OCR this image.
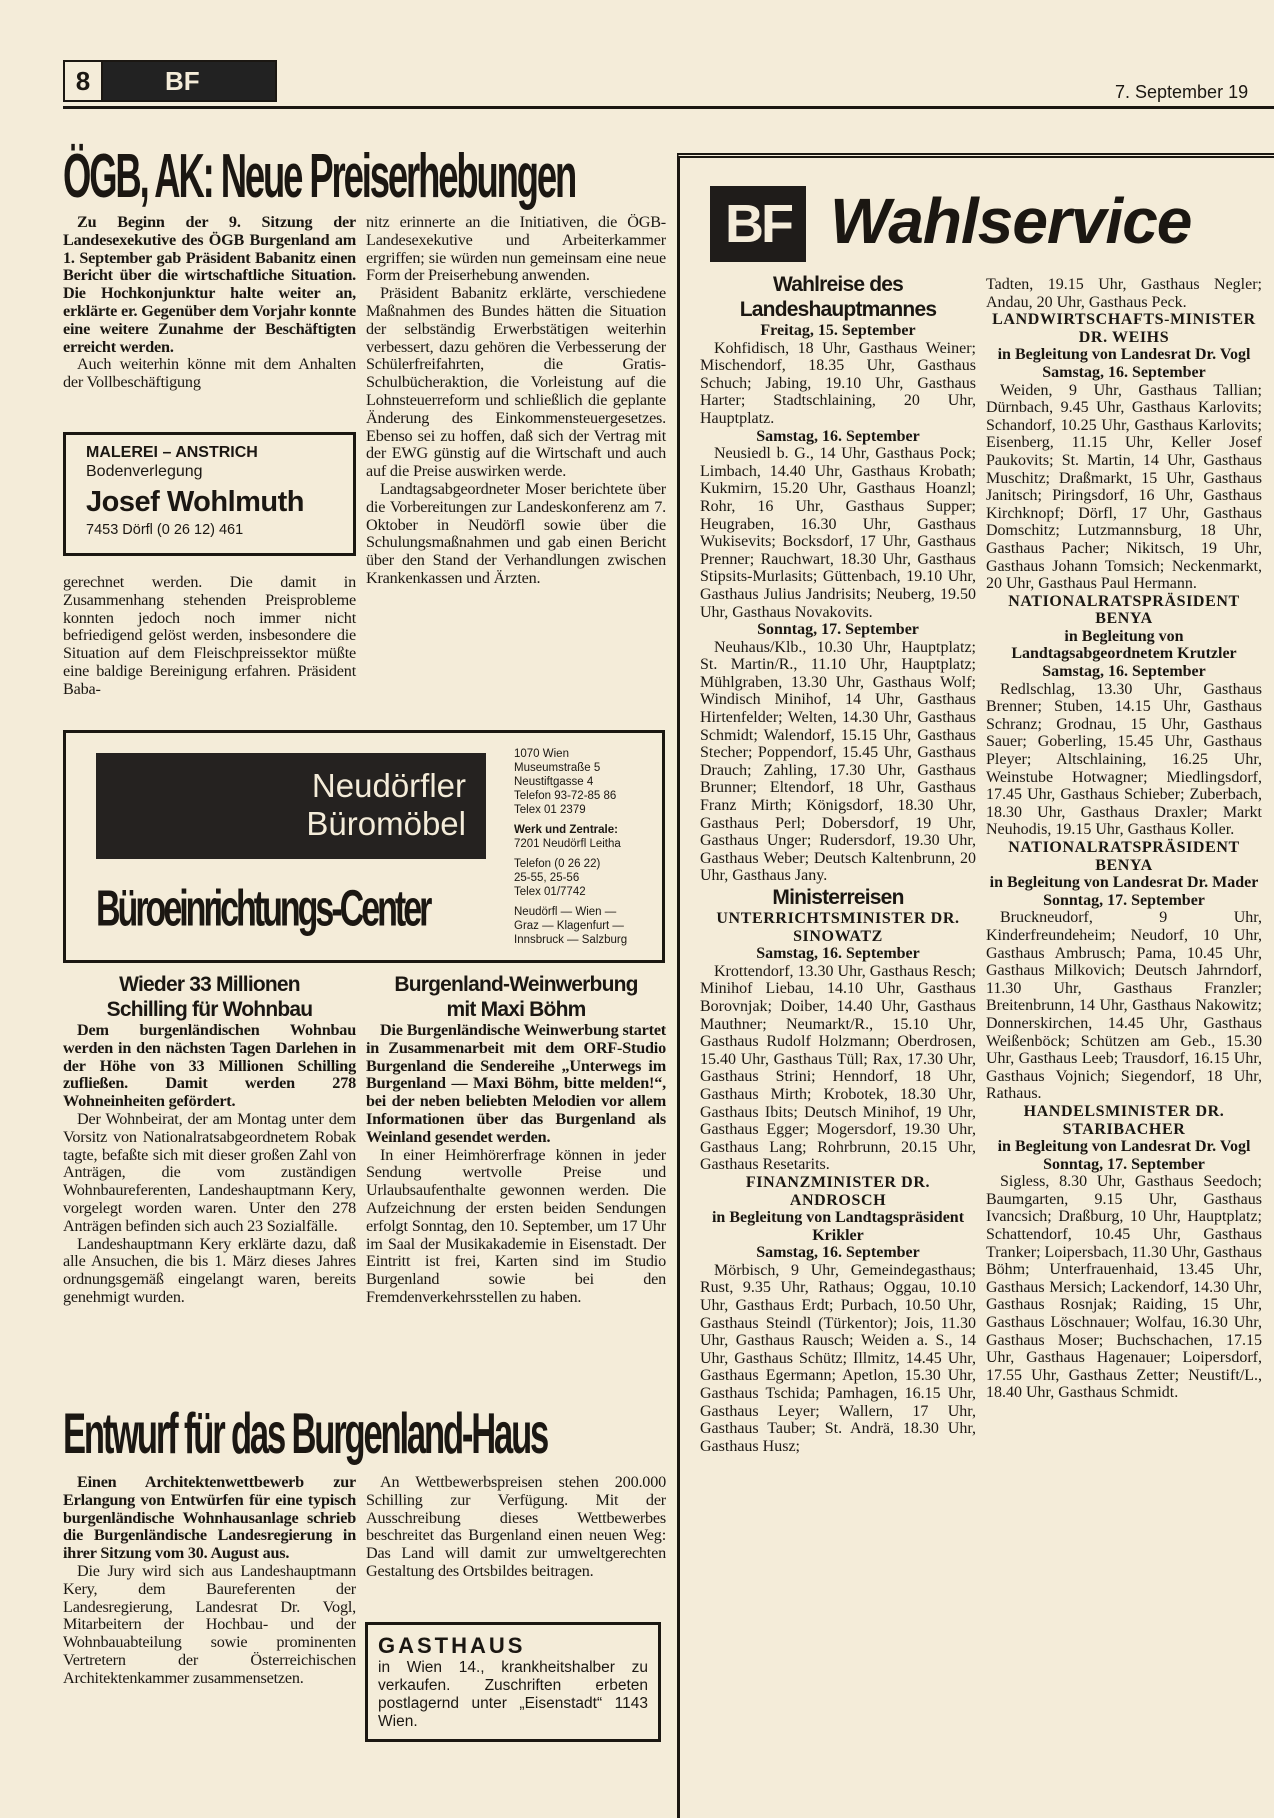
8	BF	7. September 19
ÖGB, AK: Neue Preiserhebungen

Zu Beginn der 9. Sitzung der Landesexekutive des ÖGB Burgenland am 1. September gab Präsident Babanitz einen Bericht über die wirtschaftliche Situation. Die Hochkonjunktur halte weiter an, erklärte er. Gegenüber dem Vorjahr konnte eine weitere Zunahme der Beschäftigten erreicht werden.

Auch weiterhin könne mit dem Anhalten der Vollbeschäftigung

MALEREI – ANSTRICH
Bodenverlegung
Josef Wohlmuth
7453 Dörfl (0 26 12) 461

gerechnet werden. Die damit in Zusammenhang stehenden Preisprobleme konnten jedoch noch immer nicht befriedigend gelöst werden, insbesondere die Situation auf dem Fleischpreissektor müßte eine baldige Bereinigung erfahren. Präsident Baba-

nitz erinnerte an die Initiativen, die ÖGB-Landesexekutive und Arbeiterkammer ergriffen; sie würden nun gemeinsam eine neue Form der Preiserhebung anwenden.

Präsident Babanitz erklärte, verschiedene Maßnahmen des Bundes hätten die Situation der selbständig Erwerbstätigen weiterhin verbessert, dazu gehören die Verbesserung der Schülerfreifahrten, die Gratis-Schulbücheraktion, die Vorleistung auf die Lohnsteuerreform und schließlich die geplante Änderung des Einkommensteuergesetzes. Ebenso sei zu hoffen, daß sich der Vertrag mit der EWG günstig auf die Wirtschaft und auch auf die Preise auswirken werde.

Landtagsabgeordneter Moser berichtete über die Vorbereitungen zur Landeskonferenz am 7. Oktober in Neudörfl sowie über die Schulungsmaßnahmen und gab einen Bericht über den Stand der Verhandlungen zwischen Krankenkassen und Ärzten.

Neudörfler
Büromöbel
Büroeinrichtungs-Center
1070 Wien
Museumstraße 5
Neustiftgasse 4
Telefon 93-72-85 86
Telex 01 2379
Werk und Zentrale:
7201 Neudörfl Leitha
Telefon (0 26 22)
25-55, 25-56
Telex 01/7742
Neudörfl — Wien —
Graz — Klagenfurt —
Innsbruck — Salzburg
Wieder 33 Millionen
Schilling für Wohnbau

Dem burgenländischen Wohnbau werden in den nächsten Tagen Darlehen in der Höhe von 33 Millionen Schilling zufließen. Damit werden 278 Wohneinheiten gefördert.

Der Wohnbeirat, der am Montag unter dem Vorsitz von Nationalratsabgeordnetem Robak tagte, befaßte sich mit dieser großen Zahl von Anträgen, die vom zuständigen Wohnbaureferenten, Landeshauptmann Kery, vorgelegt worden waren. Unter den 278 Anträgen befinden sich auch 23 Sozialfälle.

Landeshauptmann Kery erklärte dazu, daß alle Ansuchen, die bis 1. März dieses Jahres ordnungsgemäß eingelangt waren, bereits genehmigt wurden.

Burgenland-Weinwerbung
mit Maxi Böhm

Die Burgenländische Weinwerbung startet in Zusammenarbeit mit dem ORF-Studio Burgenland die Sendereihe „Unterwegs im Burgenland — Maxi Böhm, bitte melden!“, bei der neben beliebten Melodien vor allem Informationen über das Burgenland als Weinland gesendet werden.

In einer Heimhörerfrage können in jeder Sendung wertvolle Preise und Urlaubsaufenthalte gewonnen werden. Die Aufzeichnung der ersten beiden Sendungen erfolgt Sonntag, den 10. September, um 17 Uhr im Saal der Musikakademie in Eisenstadt. Der Eintritt ist frei, Karten sind im Studio Burgenland sowie bei den Fremdenverkehrsstellen zu haben.

Entwurf für das Burgenland-Haus

Einen Architektenwettbewerb zur Erlangung von Entwürfen für eine typisch burgenländische Wohnhausanlage schrieb die Burgenländische Landesregierung in ihrer Sitzung vom 30. August aus.

Die Jury wird sich aus Landeshauptmann Kery, dem Baureferenten der Landesregierung, Landesrat Dr. Vogl, Mitarbeitern der Hochbau- und der Wohnbauabteilung sowie prominenten Vertretern der Österreichischen Architektenkammer zusammensetzen.

An Wettbewerbspreisen stehen 200.000 Schilling zur Verfügung. Mit der Ausschreibung dieses Wettbewerbes beschreitet das Burgenland einen neuen Weg: Das Land will damit zur umweltgerechten Gestaltung des Ortsbildes beitragen.

GASTHAUS
in Wien 14., krankheitshalber zu verkaufen. Zuschriften erbeten postlagernd unter „Eisenstadt“ 1143 Wien.
BF Wahlservice
Wahlreise des Landeshauptmannes
Freitag, 15. September
Kohfidisch, 18 Uhr, Gasthaus Weiner; Mischendorf, 18.35 Uhr, Gasthaus Schuch; Jabing, 19.10 Uhr, Gasthaus Harter; Stadtschlaining, 20 Uhr, Hauptplatz.
Samstag, 16. September
Neusiedl b. G., 14 Uhr, Gasthaus Pock; Limbach, 14.40 Uhr, Gasthaus Krobath; Kukmirn, 15.20 Uhr, Gasthaus Hoanzl; Rohr, 16 Uhr, Gasthaus Supper; Heugraben, 16.30 Uhr, Gasthaus Wukisevits; Bocksdorf, 17 Uhr, Gasthaus Prenner; Rauchwart, 18.30 Uhr, Gasthaus Stipsits-Murlasits; Güttenbach, 19.10 Uhr, Gasthaus Julius Jandrisits; Neuberg, 19.50 Uhr, Gasthaus Novakovits.
Sonntag, 17. September
Neuhaus/Klb., 10.30 Uhr, Hauptplatz; St. Martin/R., 11.10 Uhr, Hauptplatz; Mühlgraben, 13.30 Uhr, Gasthaus Wolf; Windisch Minihof, 14 Uhr, Gasthaus Hirtenfelder; Welten, 14.30 Uhr, Gasthaus Schmidt; Walendorf, 15.15 Uhr, Gasthaus Stecher; Poppendorf, 15.45 Uhr, Gasthaus Drauch; Zahling, 17.30 Uhr, Gasthaus Brunner; Eltendorf, 18 Uhr, Gasthaus Franz Mirth; Königsdorf, 18.30 Uhr, Gasthaus Perl; Dobersdorf, 19 Uhr, Gasthaus Unger; Rudersdorf, 19.30 Uhr, Gasthaus Weber; Deutsch Kaltenbrunn, 20 Uhr, Gasthaus Jany.
Ministerreisen
UNTERRICHTSMINISTER DR. SINOWATZ
Samstag, 16. September
Krottendorf, 13.30 Uhr, Gasthaus Resch; Minihof Liebau, 14.10 Uhr, Gasthaus Borovnjak; Doiber, 14.40 Uhr, Gasthaus Mauthner; Neumarkt/R., 15.10 Uhr, Gasthaus Rudolf Holzmann; Oberdrosen, 15.40 Uhr, Gasthaus Tüll; Rax, 17.30 Uhr, Gasthaus Strini; Henndorf, 18 Uhr, Gasthaus Mirth; Krobotek, 18.30 Uhr, Gasthaus Ibits; Deutsch Minihof, 19 Uhr, Gasthaus Egger; Mogersdorf, 19.30 Uhr, Gasthaus Lang; Rohrbrunn, 20.15 Uhr, Gasthaus Resetarits.
FINANZMINISTER DR. ANDROSCH
in Begleitung von Landtagspräsident Krikler
Samstag, 16. September
Mörbisch, 9 Uhr, Gemeindegasthaus; Rust, 9.35 Uhr, Rathaus; Oggau, 10.10 Uhr, Gasthaus Erdt; Purbach, 10.50 Uhr, Gasthaus Steindl (Türkentor); Jois, 11.30 Uhr, Gasthaus Rausch; Weiden a. S., 14 Uhr, Gasthaus Schütz; Illmitz, 14.45 Uhr, Gasthaus Egermann; Apetlon, 15.30 Uhr, Gasthaus Tschida; Pamhagen, 16.15 Uhr, Gasthaus Leyer; Wallern, 17 Uhr, Gasthaus Tauber; St. Andrä, 18.30 Uhr, Gasthaus Husz;
Tadten, 19.15 Uhr, Gasthaus Negler; Andau, 20 Uhr, Gasthaus Peck.
LANDWIRTSCHAFTS-MINISTER DR. WEIHS
in Begleitung von Landesrat Dr. Vogl
Samstag, 16. September
Weiden, 9 Uhr, Gasthaus Tallian; Dürnbach, 9.45 Uhr, Gasthaus Karlovits; Schandorf, 10.25 Uhr, Gasthaus Karlovits; Eisenberg, 11.15 Uhr, Keller Josef Paukovits; St. Martin, 14 Uhr, Gasthaus Muschitz; Draßmarkt, 15 Uhr, Gasthaus Janitsch; Piringsdorf, 16 Uhr, Gasthaus Kirchknopf; Dörfl, 17 Uhr, Gasthaus Domschitz; Lutzmannsburg, 18 Uhr, Gasthaus Pacher; Nikitsch, 19 Uhr, Gasthaus Johann Tomsich; Neckenmarkt, 20 Uhr, Gasthaus Paul Hermann.
NATIONALRATSPRÄSIDENT BENYA
in Begleitung von Landtagsabgeordnetem Krutzler
Samstag, 16. September
Redlschlag, 13.30 Uhr, Gasthaus Brenner; Stuben, 14.15 Uhr, Gasthaus Schranz; Grodnau, 15 Uhr, Gasthaus Sauer; Goberling, 15.45 Uhr, Gasthaus Pleyer; Altschlaining, 16.25 Uhr, Weinstube Hotwagner; Miedlingsdorf, 17.45 Uhr, Gasthaus Schieber; Zuberbach, 18.30 Uhr, Gasthaus Draxler; Markt Neuhodis, 19.15 Uhr, Gasthaus Koller.
NATIONALRATSPRÄSIDENT BENYA
in Begleitung von Landesrat Dr. Mader
Sonntag, 17. September
Bruckneudorf, 9 Uhr, Kinderfreundeheim; Neudorf, 10 Uhr, Gasthaus Ambrusch; Pama, 10.45 Uhr, Gasthaus Milkovich; Deutsch Jahrndorf, 11.30 Uhr, Gasthaus Franzler; Breitenbrunn, 14 Uhr, Gasthaus Nakowitz; Donnerskirchen, 14.45 Uhr, Gasthaus Weißenböck; Schützen am Geb., 15.30 Uhr, Gasthaus Leeb; Trausdorf, 16.15 Uhr, Gasthaus Vojnich; Siegendorf, 18 Uhr, Rathaus.
HANDELSMINISTER DR. STARIBACHER
in Begleitung von Landesrat Dr. Vogl
Sonntag, 17. September
Sigless, 8.30 Uhr, Gasthaus Seedoch; Baumgarten, 9.15 Uhr, Gasthaus Ivancsich; Draßburg, 10 Uhr, Hauptplatz; Schattendorf, 10.45 Uhr, Gasthaus Tranker; Loipersbach, 11.30 Uhr, Gasthaus Böhm; Unterfrauenhaid, 13.45 Uhr, Gasthaus Mersich; Lackendorf, 14.30 Uhr, Gasthaus Rosnjak; Raiding, 15 Uhr, Gasthaus Löschnauer; Wolfau, 16.30 Uhr, Gasthaus Moser; Buchschachen, 17.15 Uhr, Gasthaus Hagenauer; Loipersdorf, 17.55 Uhr, Gasthaus Zetter; Neustift/L., 18.40 Uhr, Gasthaus Schmidt.
